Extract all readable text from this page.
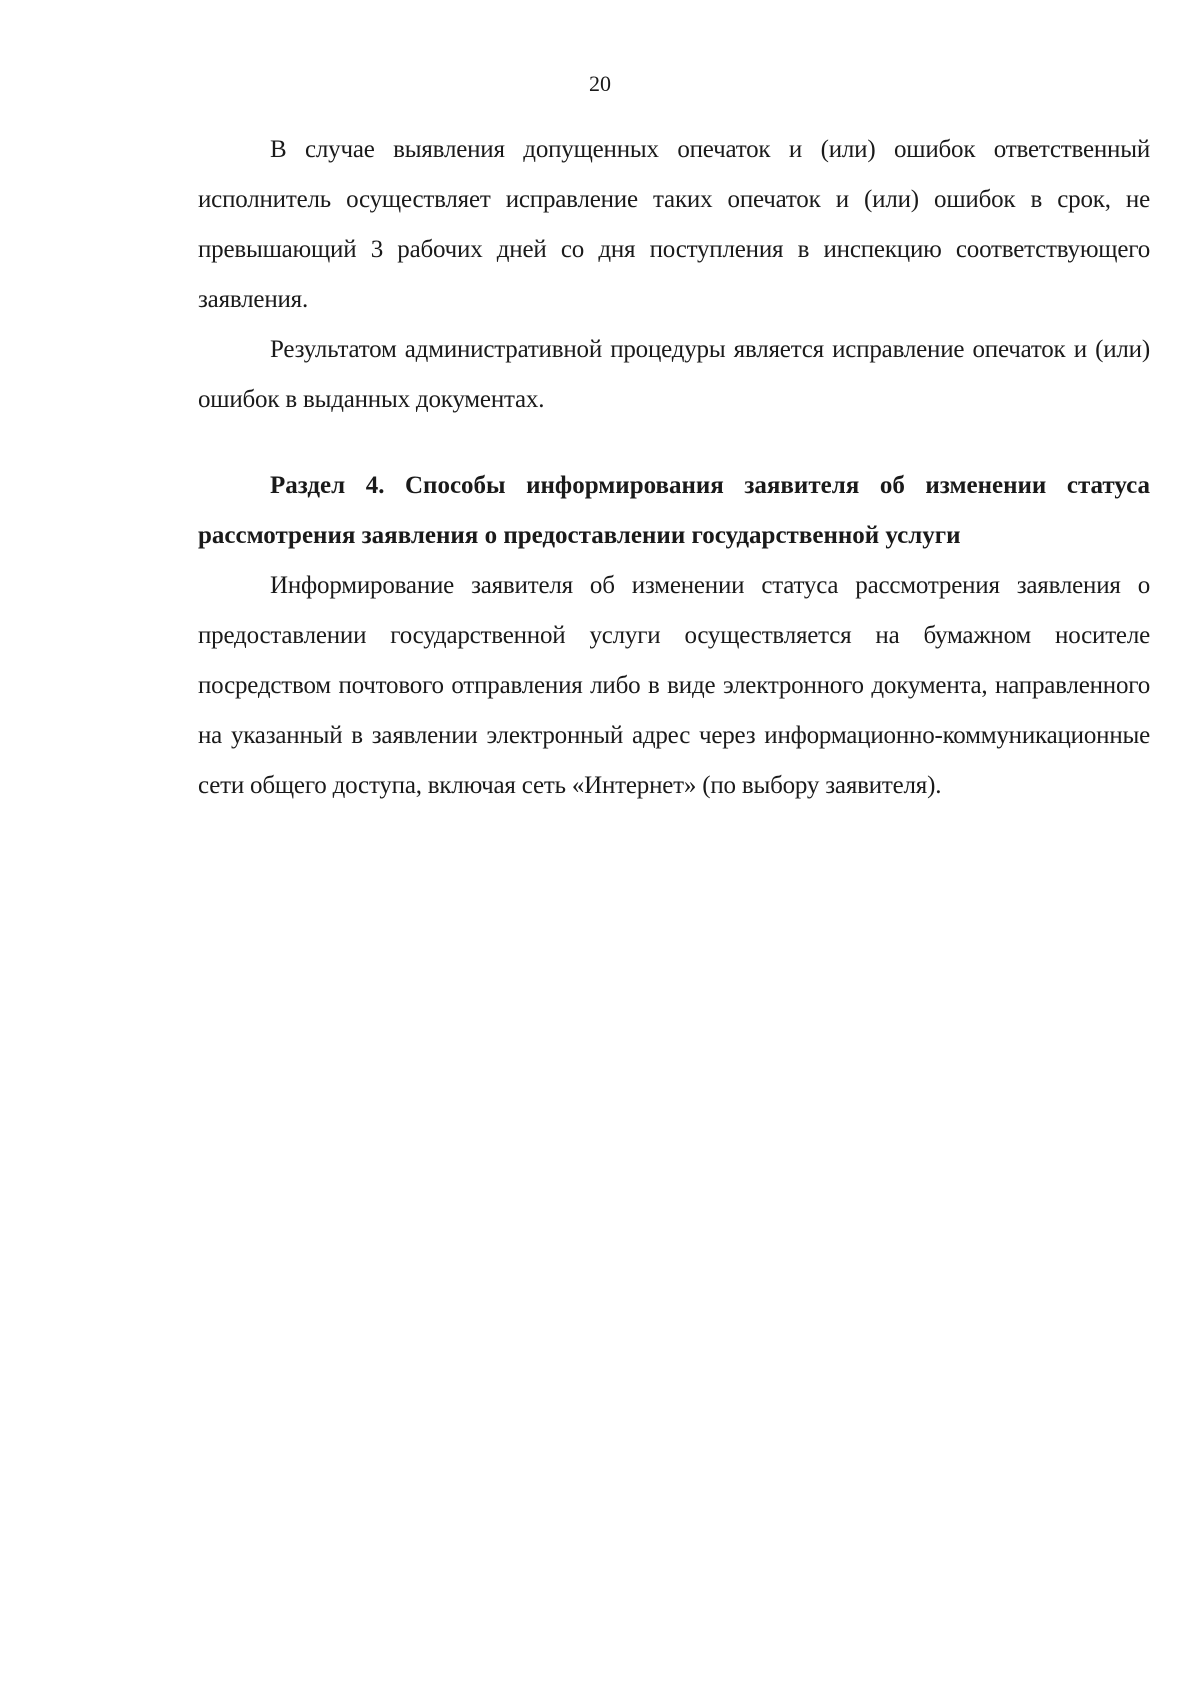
20

В случае выявления допущенных опечаток и (или) ошибок ответственный исполнитель осуществляет исправление таких опечаток и (или) ошибок в срок, не превышающий 3 рабочих дней со дня поступления в инспекцию соответствующего заявления.

Результатом административной процедуры является исправление опечаток и (или) ошибок в выданных документах.

Раздел 4. Способы информирования заявителя об изменении статуса рассмотрения заявления о предоставлении государственной услуги

Информирование заявителя об изменении статуса рассмотрения заявления о предоставлении государственной услуги осуществляется на бумажном носителе посредством почтового отправления либо в виде электронного документа, направленного на указанный в заявлении электронный адрес через информационно-коммуникационные сети общего доступа, включая сеть «Интернет» (по выбору заявителя).
